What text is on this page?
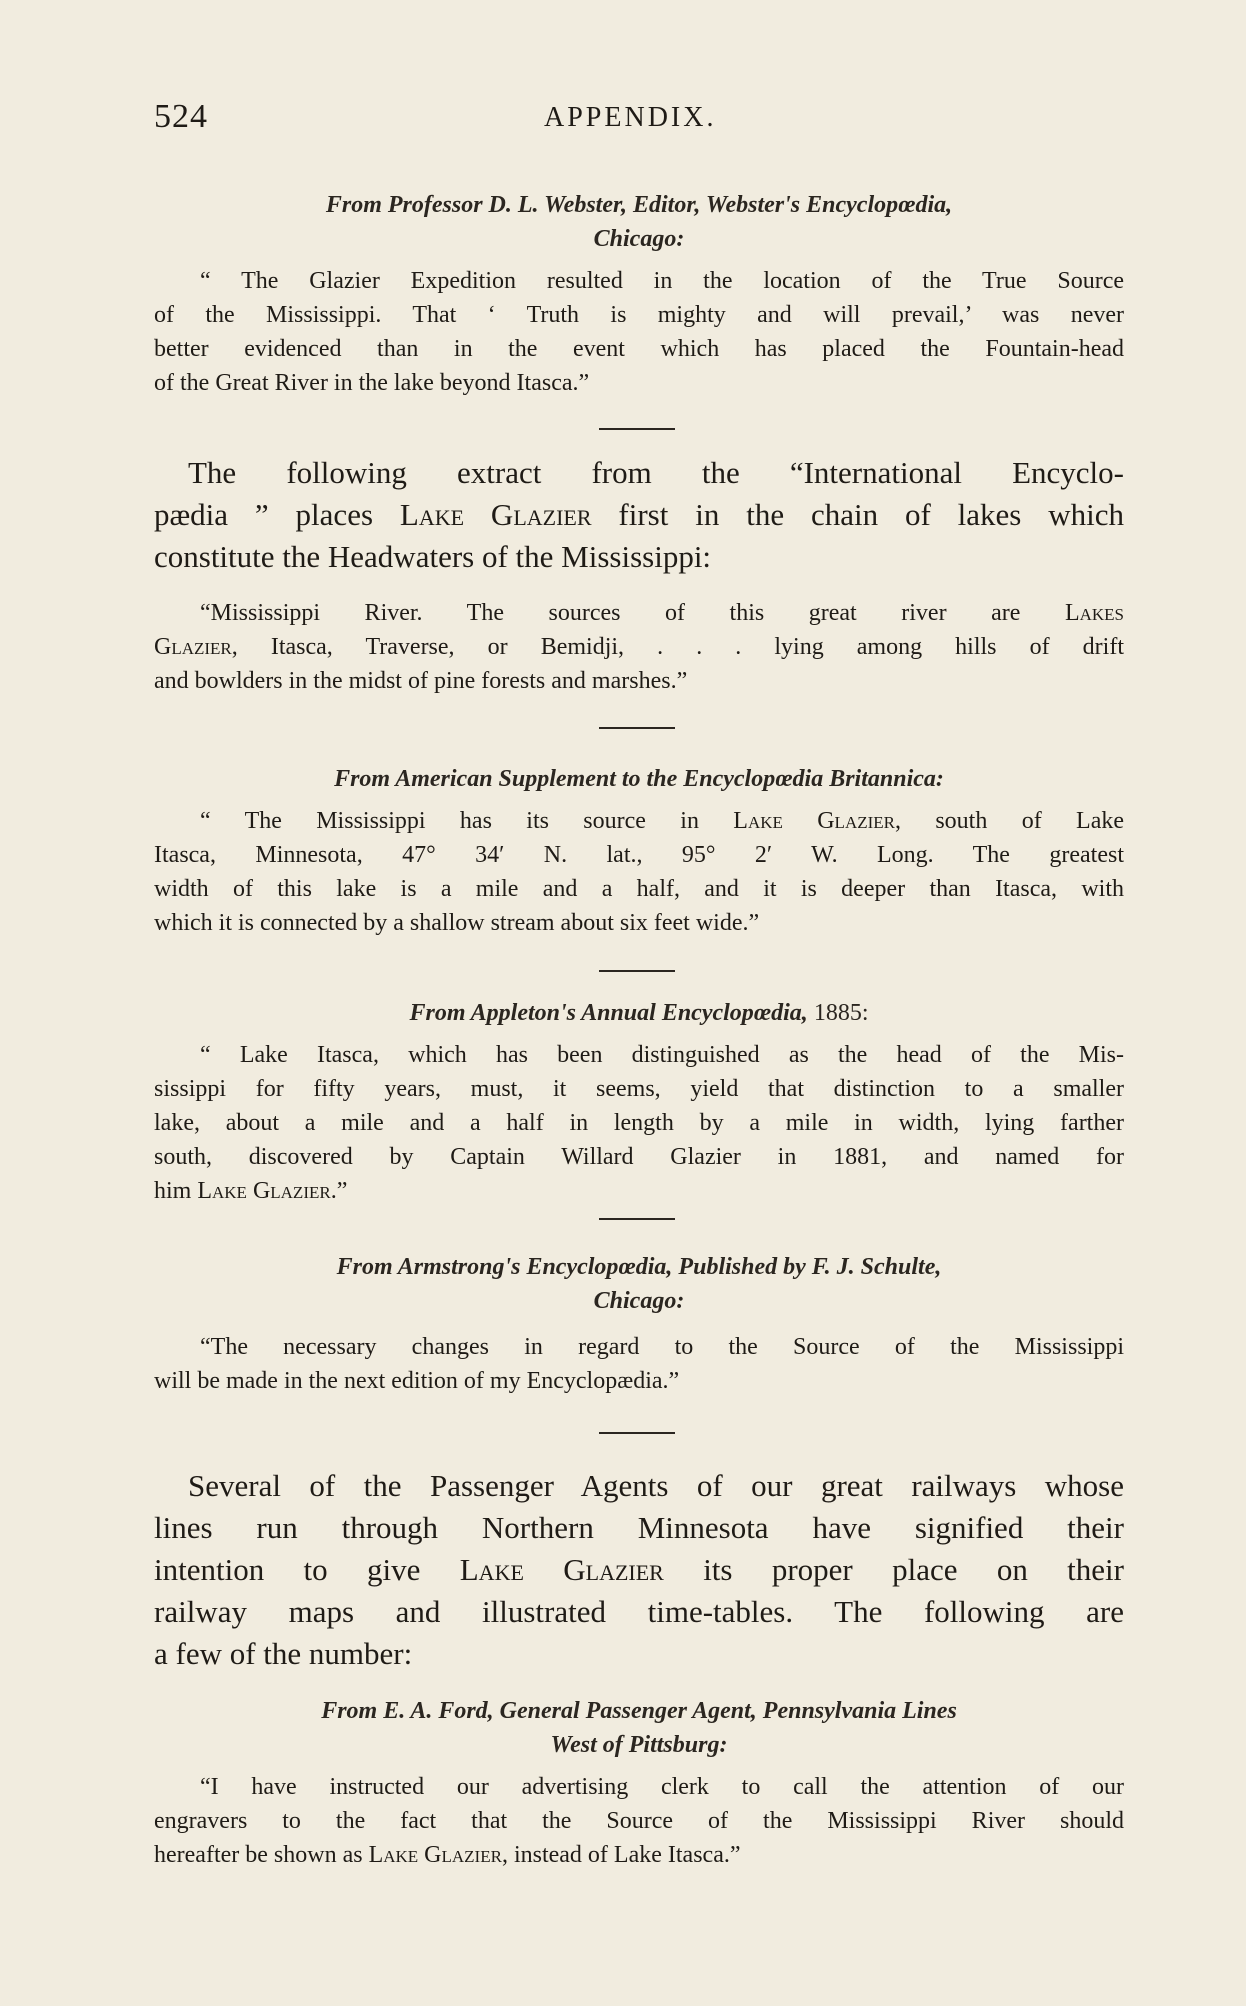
524	APPENDIX.
From Professor D. L. Webster, Editor, Webster's Encyclopœdia,
Chicago:
“ The Glazier Expedition resulted in the location of the True Source
of the Mississippi. That ‘ Truth is mighty and will prevail,’ was never
better evidenced than in the event which has placed the Fountain-head
of the Great River in the lake beyond Itasca.”
The following extract from the “International Encyclo-
pædia ” places Lake Glazier first in the chain of lakes which
constitute the Headwaters of the Mississippi:
“Mississippi River. The sources of this great river are Lakes
Glazier, Itasca, Traverse, or Bemidji, . . . lying among hills of drift
and bowlders in the midst of pine forests and marshes.”
From American Supplement to the Encyclopœdia Britannica:
“ The Mississippi has its source in Lake Glazier, south of Lake
Itasca, Minnesota, 47° 34′ N. lat., 95° 2′ W. Long. The greatest
width of this lake is a mile and a half, and it is deeper than Itasca, with
which it is connected by a shallow stream about six feet wide.”
From Appleton's Annual Encyclopœdia, 1885:
“ Lake Itasca, which has been distinguished as the head of the Mis-
sissippi for fifty years, must, it seems, yield that distinction to a smaller
lake, about a mile and a half in length by a mile in width, lying farther
south, discovered by Captain Willard Glazier in 1881, and named for
him Lake Glazier.”
From Armstrong's Encyclopœdia, Published by F. J. Schulte,
Chicago:
“The necessary changes in regard to the Source of the Mississippi
will be made in the next edition of my Encyclopædia.”
Several of the Passenger Agents of our great railways whose
lines run through Northern Minnesota have signified their
intention to give Lake Glazier its proper place on their
railway maps and illustrated time-tables. The following are
a few of the number:
From E. A. Ford, General Passenger Agent, Pennsylvania Lines
West of Pittsburg:
“I have instructed our advertising clerk to call the attention of our
engravers to the fact that the Source of the Mississippi River should
hereafter be shown as Lake Glazier, instead of Lake Itasca.”
